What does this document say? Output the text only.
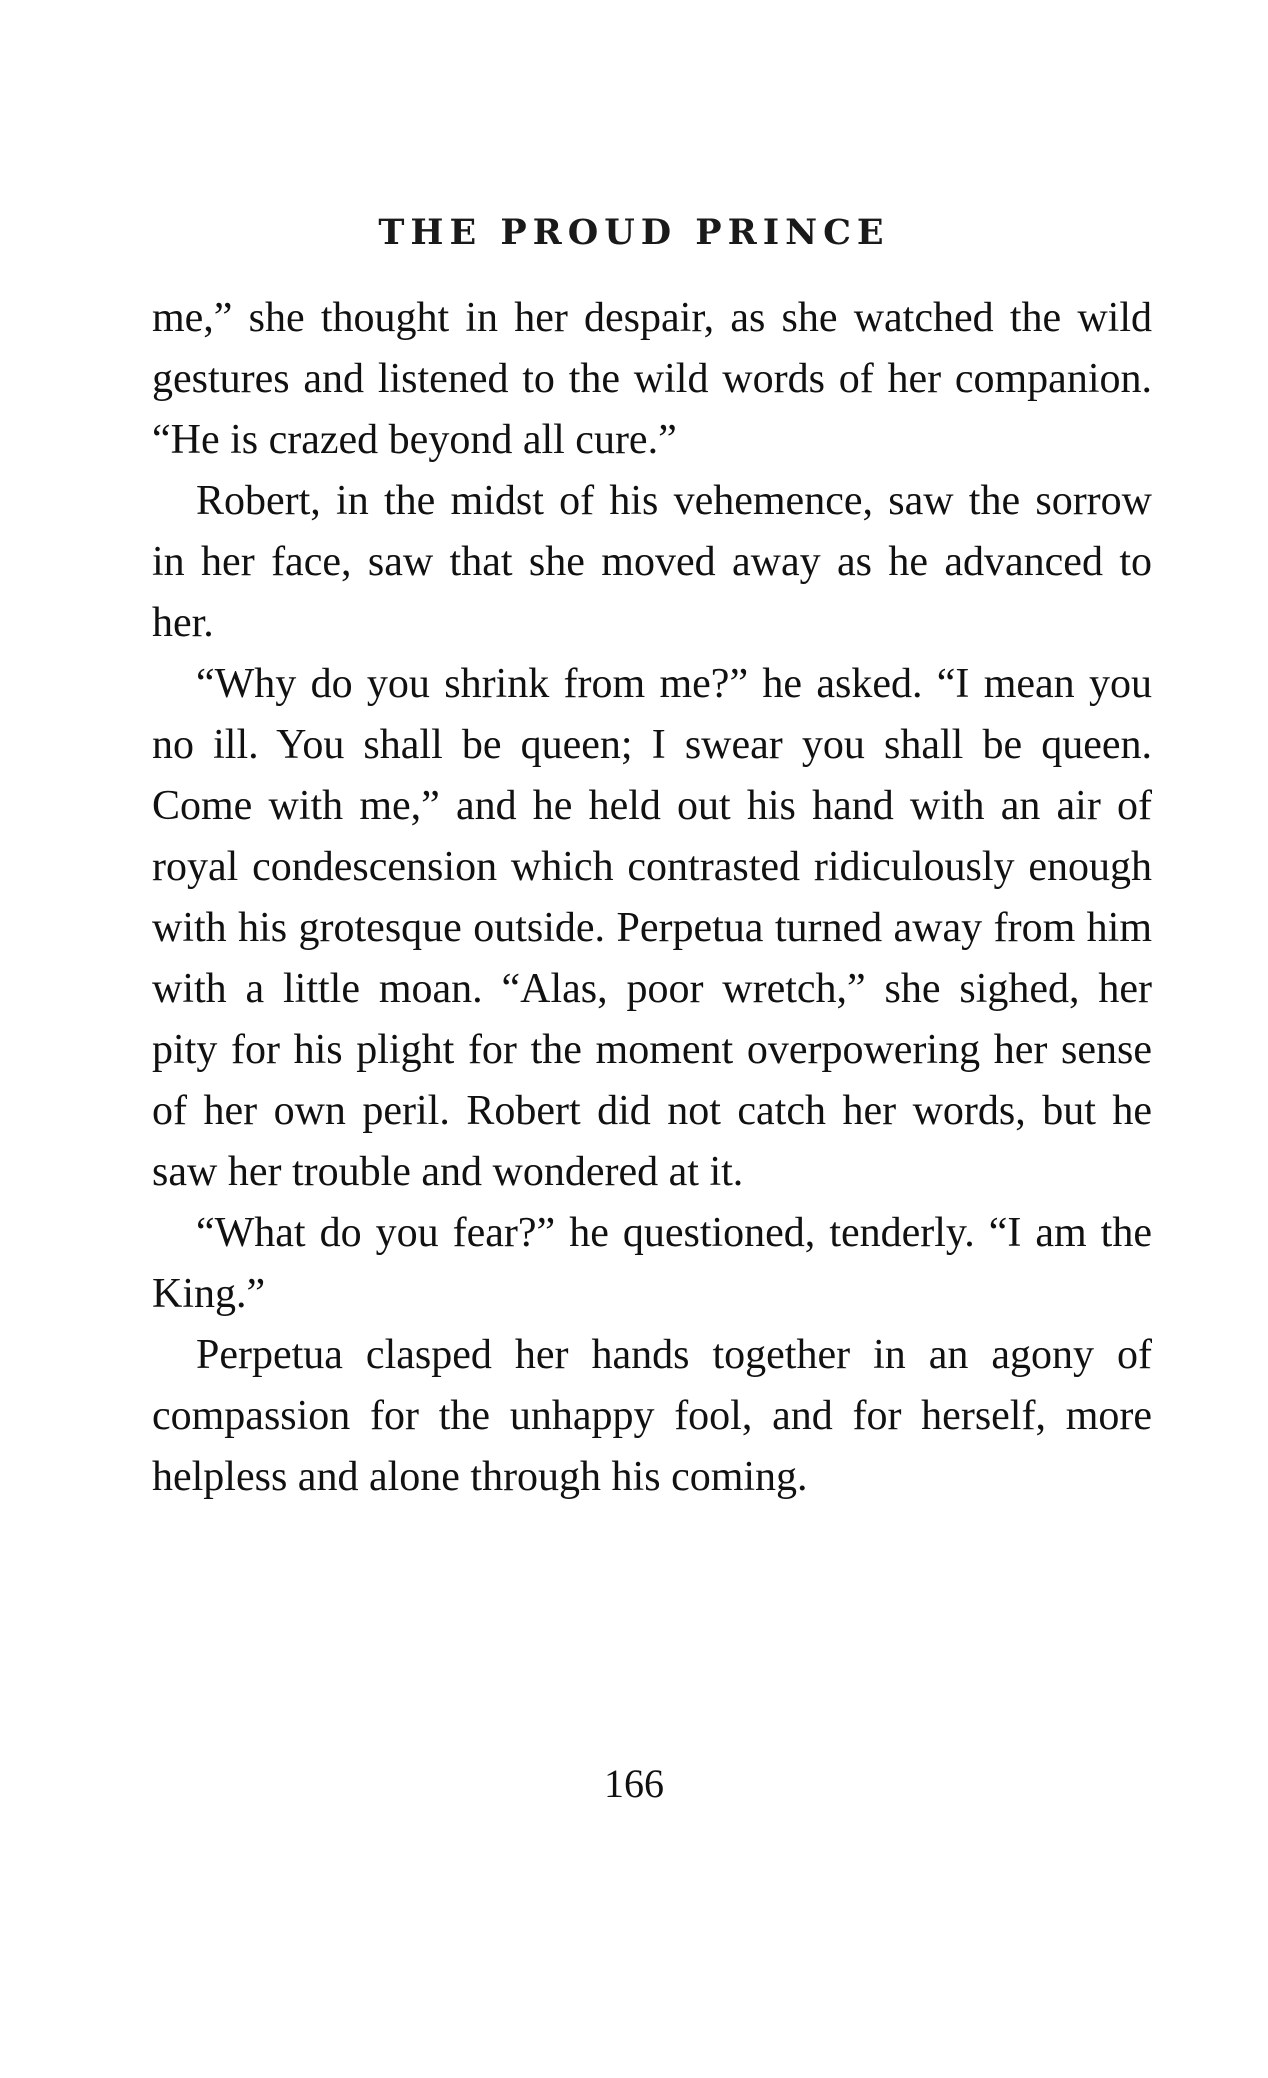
THE PROUD PRINCE

me,” she thought in her despair, as she watched the wild gestures and listened to the wild words of her companion. “He is crazed beyond all cure.”

Robert, in the midst of his vehemence, saw the sorrow in her face, saw that she moved away as he advanced to her.

“Why do you shrink from me?” he asked. “I mean you no ill. You shall be queen; I swear you shall be queen. Come with me,” and he held out his hand with an air of royal condescension which contrasted ridiculously enough with his grotesque outside. Perpetua turned away from him with a little moan. “Alas, poor wretch,” she sighed, her pity for his plight for the moment overpowering her sense of her own peril. Robert did not catch her words, but he saw her trouble and wondered at it.

“What do you fear?” he questioned, tenderly. “I am the King.”

Perpetua clasped her hands together in an agony of compassion for the unhappy fool, and for herself, more helpless and alone through his coming.

166
